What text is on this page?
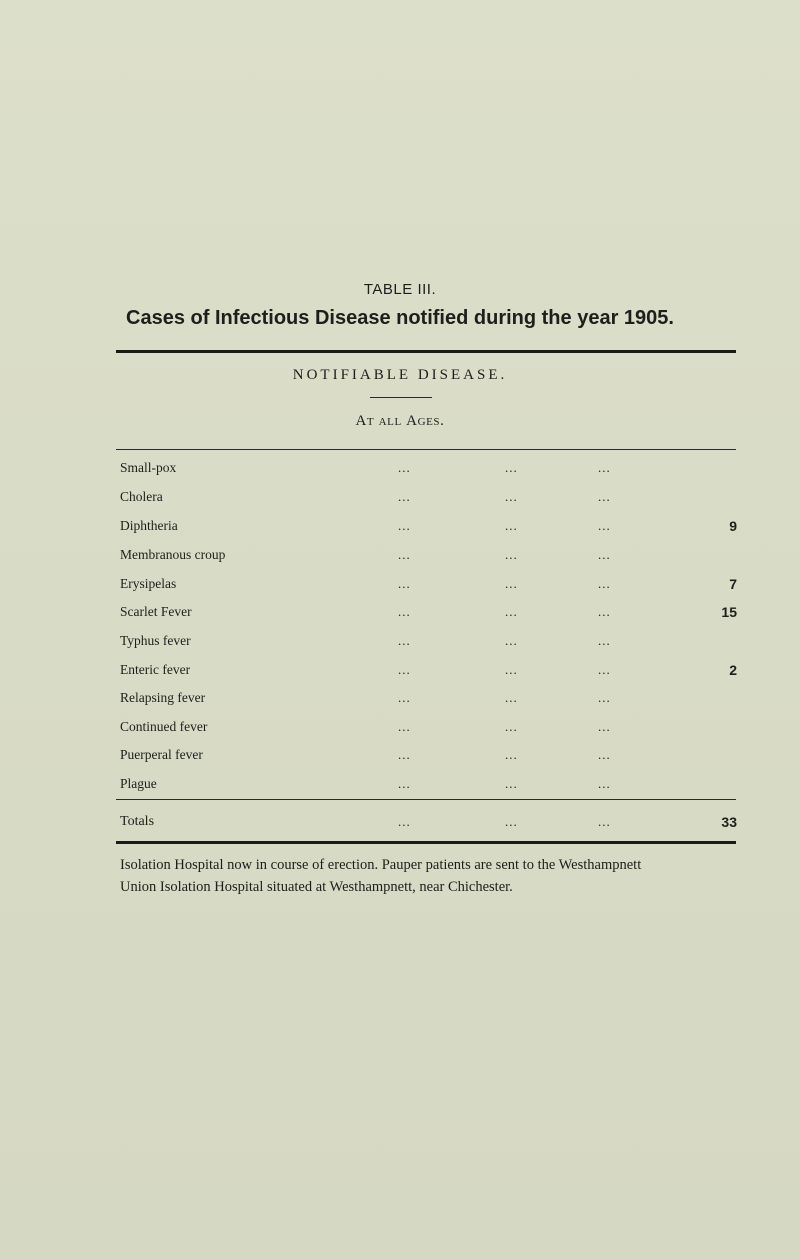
TABLE III.
Cases of Infectious Disease notified during the year 1905.
NOTIFIABLE DISEASE.
At all Ages.
Small-pox	...	...	...
Cholera	...	...	...
Diphtheria	...	...	...	9
Membranous croup	...	...	...
Erysipelas	...	...	...	7
Scarlet Fever	...	...	...	15
Typhus fever	...	...	...
Enteric fever	...	...	...	2
Relapsing fever	...	...	...
Continued fever	...	...	...
Puerperal fever	...	...	...
Plague	...	...	...
Totals	...	...	...	33
Isolation Hospital now in course of erection. Pauper patients are sent to the Westhampnett
Union Isolation Hospital situated at Westhampnett, near Chichester.
